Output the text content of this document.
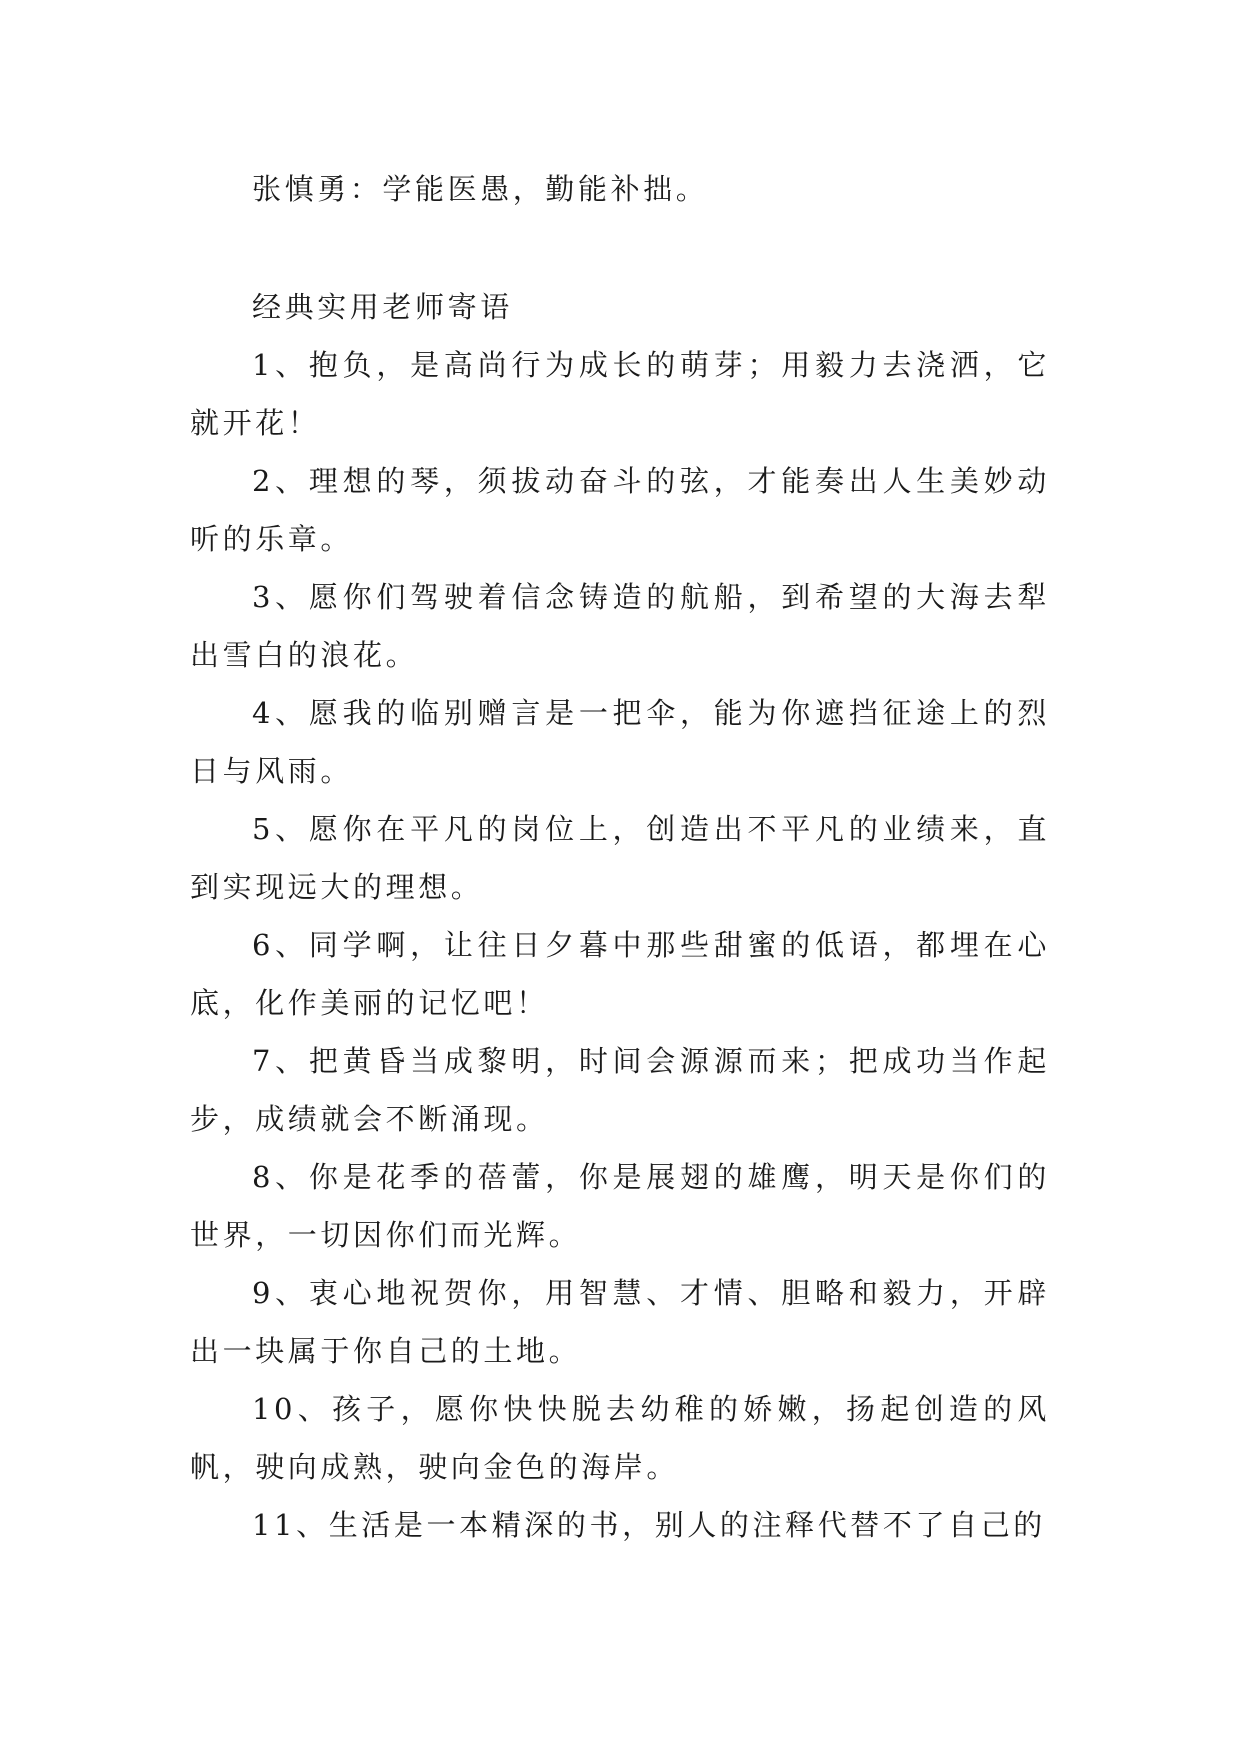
张慎勇：学能医愚，勤能补拙。
经典实用老师寄语
1、抱负，是高尚行为成长的萌芽；用毅力去浇洒，它就开花！
2、理想的琴，须拔动奋斗的弦，才能奏出人生美妙动听的乐章。
3、愿你们驾驶着信念铸造的航船，到希望的大海去犁出雪白的浪花。
4、愿我的临别赠言是一把伞，能为你遮挡征途上的烈日与风雨。
5、愿你在平凡的岗位上，创造出不平凡的业绩来，直到实现远大的理想。
6、同学啊，让往日夕暮中那些甜蜜的低语，都埋在心底，化作美丽的记忆吧！
7、把黄昏当成黎明，时间会源源而来；把成功当作起步，成绩就会不断涌现。
8、你是花季的蓓蕾，你是展翅的雄鹰，明天是你们的世界，一切因你们而光辉。
9、衷心地祝贺你，用智慧、才情、胆略和毅力，开辟出一块属于你自己的土地。
10、孩子，愿你快快脱去幼稚的娇嫩，扬起创造的风帆，驶向成熟，驶向金色的海岸。
11、生活是一本精深的书，别人的注释代替不了自己的
